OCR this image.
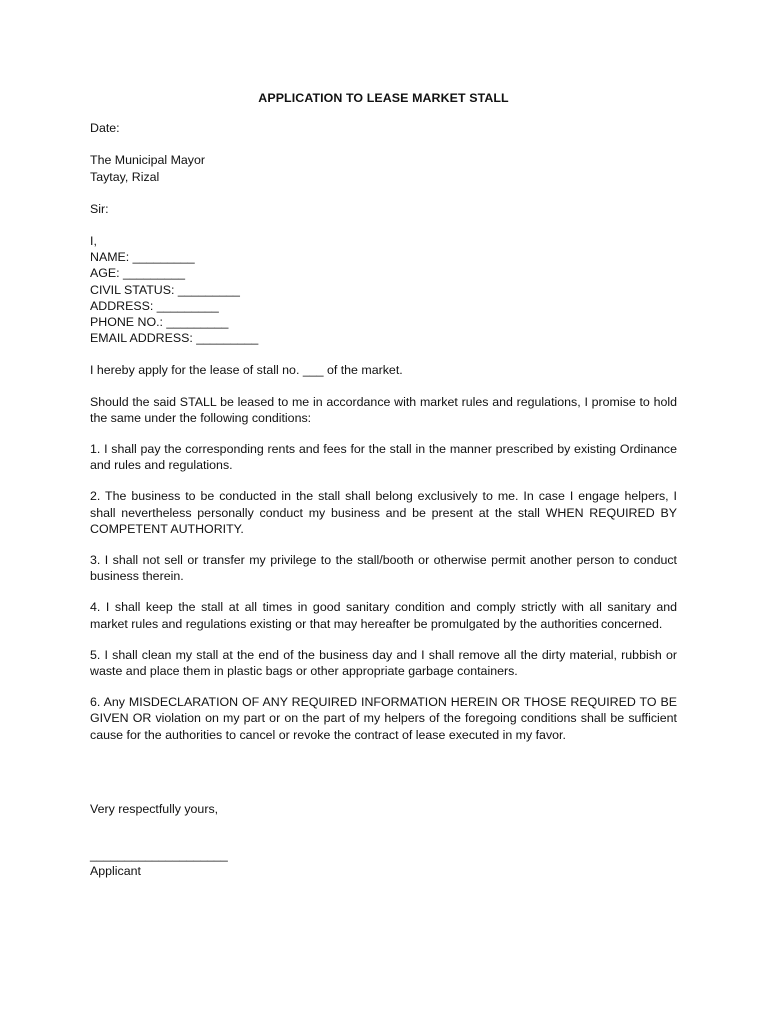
APPLICATION TO LEASE MARKET STALL

Date:

The Municipal Mayor

Taytay, Rizal

Sir:

I,

NAME: _________

AGE: _________

CIVIL STATUS: _________

ADDRESS: _________

PHONE NO.: _________

EMAIL ADDRESS: _________

I hereby apply for the lease of stall no. ___ of the market.

Should the said STALL be leased to me in accordance with market rules and regulations, I promise to hold the same under the following conditions:

1. I shall pay the corresponding rents and fees for the stall in the manner prescribed by existing Ordinance and rules and regulations.

2. The business to be conducted in the stall shall belong exclusively to me. In case I engage helpers, I shall nevertheless personally conduct my business and be present at the stall WHEN REQUIRED BY COMPETENT AUTHORITY.

3. I shall not sell or transfer my privilege to the stall/booth or otherwise permit another person to conduct business therein.

4. I shall keep the stall at all times in good sanitary condition and comply strictly with all sanitary and market rules and regulations existing or that may hereafter be promulgated by the authorities concerned.

5. I shall clean my stall at the end of the business day and I shall remove all the dirty material, rubbish or waste and place them in plastic bags or other appropriate garbage containers.

6. Any MISDECLARATION OF ANY REQUIRED INFORMATION HEREIN OR THOSE REQUIRED TO BE GIVEN OR violation on my part or on the part of my helpers of the foregoing conditions shall be sufficient cause for the authorities to cancel or revoke the contract of lease executed in my favor.

Very respectfully yours,

____________________

Applicant
